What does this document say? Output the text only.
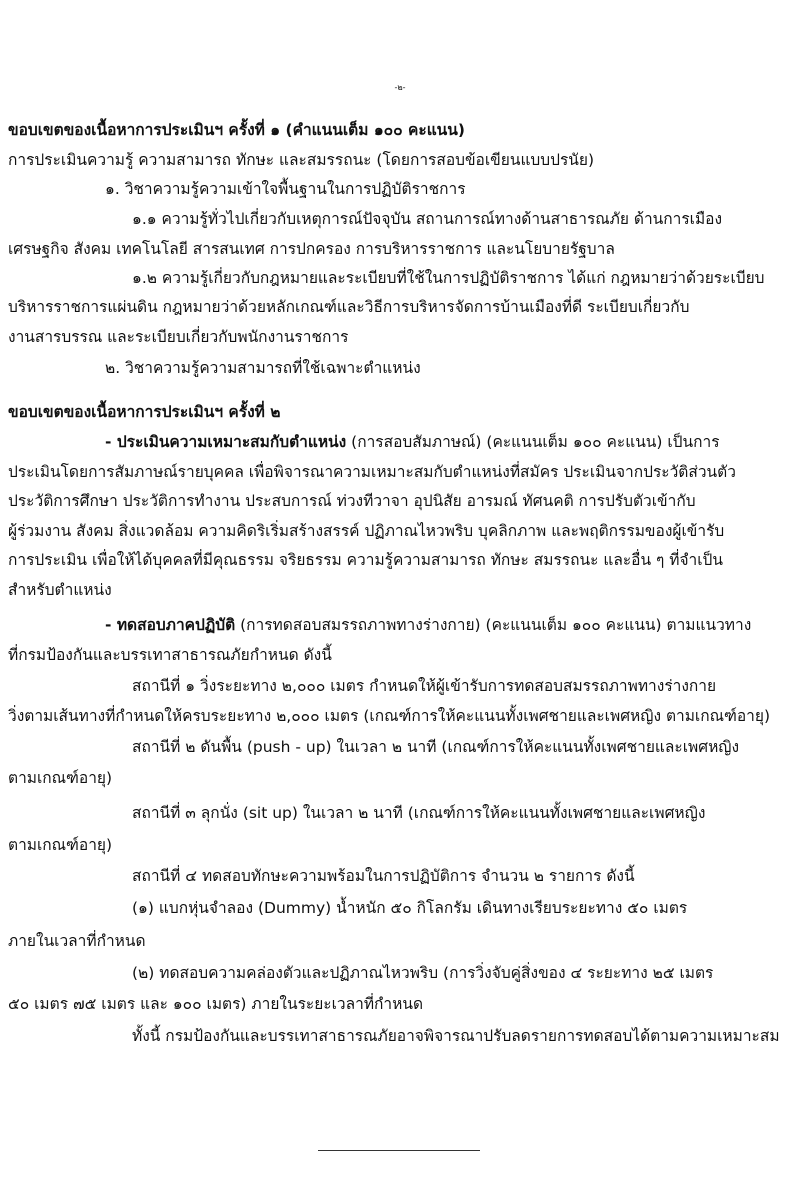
-๒-
ขอบเขตของเนื้อหาการประเมินฯ ครั้งที่ ๑ (คำแนนเต็ม ๑๐๐ คะแนน)
การประเมินความรู้ ความสามารถ ทักษะ และสมรรถนะ (โดยการสอบข้อเขียนแบบปรนัย)
๑. วิชาความรู้ความเข้าใจพื้นฐานในการปฏิบัติราชการ
๑.๑ ความรู้ทั่วไปเกี่ยวกับเหตุการณ์ปัจจุบัน สถานการณ์ทางด้านสาธารณภัย ด้านการเมือง
เศรษฐกิจ สังคม เทคโนโลยี สารสนเทศ การปกครอง การบริหารราชการ และนโยบายรัฐบาล
๑.๒ ความรู้เกี่ยวกับกฎหมายและระเบียบที่ใช้ในการปฏิบัติราชการ ได้แก่ กฎหมายว่าด้วยระเบียบ
บริหารราชการแผ่นดิน กฎหมายว่าด้วยหลักเกณฑ์และวิธีการบริหารจัดการบ้านเมืองที่ดี ระเบียบเกี่ยวกับ
งานสารบรรณ และระเบียบเกี่ยวกับพนักงานราชการ
๒. วิชาความรู้ความสามารถที่ใช้เฉพาะตำแหน่ง
ขอบเขตของเนื้อหาการประเมินฯ ครั้งที่ ๒
- ประเมินความเหมาะสมกับตำแหน่ง (การสอบสัมภาษณ์) (คะแนนเต็ม ๑๐๐ คะแนน) เป็นการ
ประเมินโดยการสัมภาษณ์รายบุคคล เพื่อพิจารณาความเหมาะสมกับตำแหน่งที่สมัคร ประเมินจากประวัติส่วนตัว
ประวัติการศึกษา ประวัติการทำงาน ประสบการณ์ ท่วงทีวาจา อุปนิสัย อารมณ์ ทัศนคติ การปรับตัวเข้ากับ
ผู้ร่วมงาน สังคม สิ่งแวดล้อม ความคิดริเริ่มสร้างสรรค์ ปฏิภาณไหวพริบ บุคลิกภาพ และพฤติกรรมของผู้เข้ารับ
การประเมิน เพื่อให้ได้บุคคลที่มีคุณธรรม จริยธรรม ความรู้ความสามารถ ทักษะ สมรรถนะ และอื่น ๆ ที่จำเป็น
สำหรับตำแหน่ง
- ทดสอบภาคปฏิบัติ (การทดสอบสมรรถภาพทางร่างกาย) (คะแนนเต็ม ๑๐๐ คะแนน) ตามแนวทาง
ที่กรมป้องกันและบรรเทาสาธารณภัยกำหนด ดังนี้
สถานีที่ ๑ วิ่งระยะทาง ๒,๐๐๐ เมตร กำหนดให้ผู้เข้ารับการทดสอบสมรรถภาพทางร่างกาย
วิ่งตามเส้นทางที่กำหนดให้ครบระยะทาง ๒,๐๐๐ เมตร (เกณฑ์การให้คะแนนทั้งเพศชายและเพศหญิง ตามเกณฑ์อายุ)
สถานีที่ ๒ ดันพื้น (push - up) ในเวลา ๒ นาที (เกณฑ์การให้คะแนนทั้งเพศชายและเพศหญิง
ตามเกณฑ์อายุ)
สถานีที่ ๓ ลุกนั่ง (sit up) ในเวลา ๒ นาที (เกณฑ์การให้คะแนนทั้งเพศชายและเพศหญิง
ตามเกณฑ์อายุ)
สถานีที่ ๔ ทดสอบทักษะความพร้อมในการปฏิบัติการ จำนวน ๒ รายการ ดังนี้
(๑) แบกหุ่นจำลอง (Dummy) น้ำหนัก ๕๐ กิโลกรัม เดินทางเรียบระยะทาง ๕๐ เมตร
ภายในเวลาที่กำหนด
(๒) ทดสอบความคล่องตัวและปฏิภาณไหวพริบ (การวิ่งจับคู่สิ่งของ ๔ ระยะทาง ๒๕ เมตร
๕๐ เมตร ๗๕ เมตร และ ๑๐๐ เมตร) ภายในระยะเวลาที่กำหนด
ทั้งนี้ กรมป้องกันและบรรเทาสาธารณภัยอาจพิจารณาปรับลดรายการทดสอบได้ตามความเหมาะสม
